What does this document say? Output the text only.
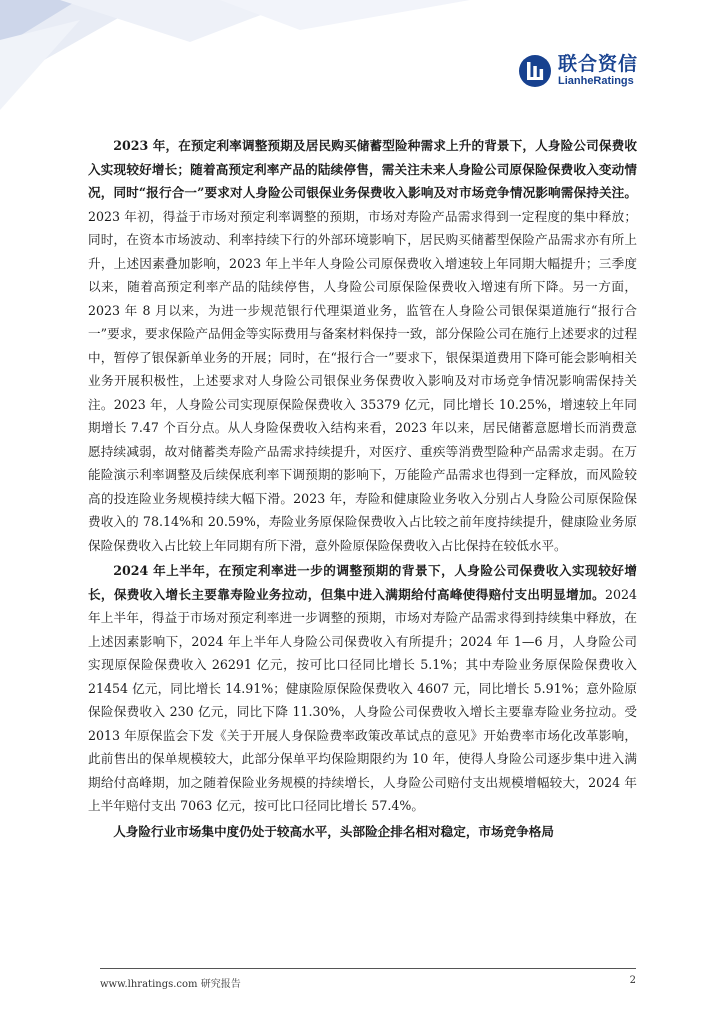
联合资信
LianheRatings

2023 年，在预定利率调整预期及居民购买储蓄型险种需求上升的背景下，人身险公司保费收入实现较好增长；随着高预定利率产品的陆续停售，需关注未来人身险公司原保险保费收入变动情况，同时“报行合一”要求对人身险公司银保业务保费收入影响及对市场竞争情况影响需保持关注。2023 年初，得益于市场对预定利率调整的预期，市场对寿险产品需求得到一定程度的集中释放；同时，在资本市场波动、利率持续下行的外部环境影响下，居民购买储蓄型保险产品需求亦有所上升，上述因素叠加影响，2023 年上半年人身险公司原保费收入增速较上年同期大幅提升；三季度以来，随着高预定利率产品的陆续停售，人身险公司原保险保费收入增速有所下降。另一方面，2023 年 8 月以来，为进一步规范银行代理渠道业务，监管在人身险公司银保渠道施行“报行合一”要求，要求保险产品佣金等实际费用与备案材料保持一致，部分保险公司在施行上述要求的过程中，暂停了银保新单业务的开展；同时，在“报行合一”要求下，银保渠道费用下降可能会影响相关业务开展积极性，上述要求对人身险公司银保业务保费收入影响及对市场竞争情况影响需保持关注。2023 年，人身险公司实现原保险保费收入 35379 亿元，同比增长 10.25%，增速较上年同期增长 7.47 个百分点。从人身险保费收入结构来看，2023 年以来，居民储蓄意愿增长而消费意愿持续减弱，故对储蓄类寿险产品需求持续提升，对医疗、重疾等消费型险种产品需求走弱。在万能险演示利率调整及后续保底利率下调预期的影响下，万能险产品需求也得到一定释放，而风险较高的投连险业务规模持续大幅下滑。2023 年，寿险和健康险业务收入分别占人身险公司原保险保费收入的 78.14%和 20.59%，寿险业务原保险保费收入占比较之前年度持续提升，健康险业务原保险保费收入占比较上年同期有所下滑，意外险原保险保费收入占比保持在较低水平。

2024 年上半年，在预定利率进一步的调整预期的背景下，人身险公司保费收入实现较好增长，保费收入增长主要靠寿险业务拉动，但集中进入满期给付高峰使得赔付支出明显增加。2024 年上半年，得益于市场对预定利率进一步调整的预期，市场对寿险产品需求得到持续集中释放，在上述因素影响下，2024 年上半年人身险公司保费收入有所提升；2024 年 1—6 月，人身险公司实现原保险保费收入 26291 亿元，按可比口径同比增长 5.1%；其中寿险业务原保险保费收入 21454 亿元，同比增长 14.91%；健康险原保险保费收入 4607 元，同比增长 5.91%；意外险原保险保费收入 230 亿元，同比下降 11.30%，人身险公司保费收入增长主要靠寿险业务拉动。受 2013 年原保监会下发《关于开展人身保险费率政策改革试点的意见》开始费率市场化改革影响，此前售出的保单规模较大，此部分保单平均保险期限约为 10 年，使得人身险公司逐步集中进入满期给付高峰期，加之随着保险业务规模的持续增长，人身险公司赔付支出规模增幅较大，2024 年上半年赔付支出 7063 亿元，按可比口径同比增长 57.4%。

人身险行业市场集中度仍处于较高水平，头部险企排名相对稳定，市场竞争格局

www.lhratings.com 研究报告	2
